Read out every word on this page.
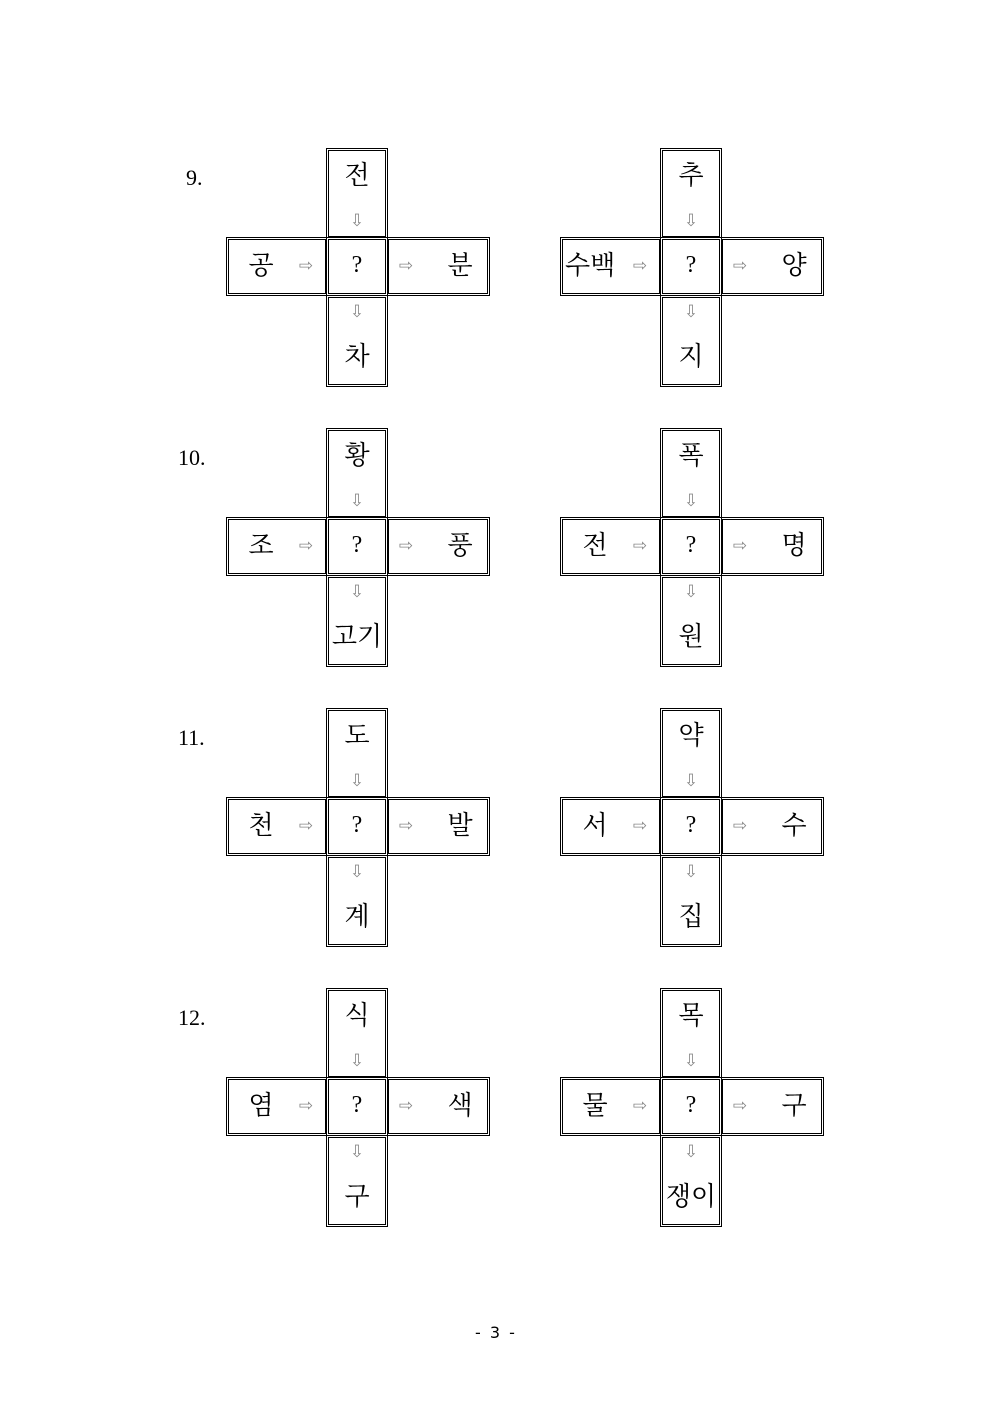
9.	전
⇩
⇩
차
공	⇨	⇨	분
?
추
⇩
⇩
지
수백	⇨	⇨	양
?
10.	황
⇩
⇩
고기
조	⇨	⇨	풍
?
폭
⇩
⇩
원
전	⇨	⇨	명
?
11.	도
⇩
⇩
계
천	⇨	⇨	발
?
약
⇩
⇩
집
서	⇨	⇨	수
?
12.	식
⇩
⇩
구
염	⇨	⇨	색
?
목
⇩
⇩
쟁이
물	⇨	⇨	구
?
- 3 -
